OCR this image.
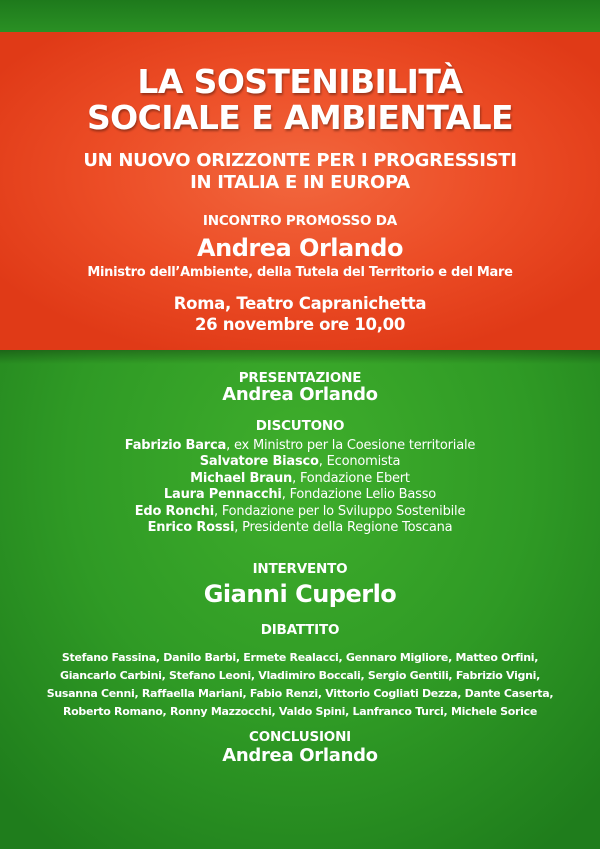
LA SOSTENIBILITÀ
SOCIALE E AMBIENTALE
UN NUOVO ORIZZONTE PER I PROGRESSISTI
IN ITALIA E IN EUROPA
INCONTRO PROMOSSO DA
Andrea Orlando
Ministro dell’Ambiente, della Tutela del Territorio e del Mare
Roma, Teatro Capranichetta
26 novembre ore 10,00
PRESENTAZIONE
Andrea Orlando
DISCUTONO
Fabrizio Barca, ex Ministro per la Coesione territoriale
Salvatore Biasco, Economista
Michael Braun, Fondazione Ebert
Laura Pennacchi, Fondazione Lelio Basso
Edo Ronchi, Fondazione per lo Sviluppo Sostenibile
Enrico Rossi, Presidente della Regione Toscana
INTERVENTO
Gianni Cuperlo
DIBATTITO
Stefano Fassina, Danilo Barbi, Ermete Realacci, Gennaro Migliore, Matteo Orfini,
Giancarlo Carbini, Stefano Leoni, Vladimiro Boccali, Sergio Gentili, Fabrizio Vigni,
Susanna Cenni, Raffaella Mariani, Fabio Renzi, Vittorio Cogliati Dezza, Dante Caserta,
Roberto Romano, Ronny Mazzocchi, Valdo Spini, Lanfranco Turci, Michele Sorice
CONCLUSIONI
Andrea Orlando
